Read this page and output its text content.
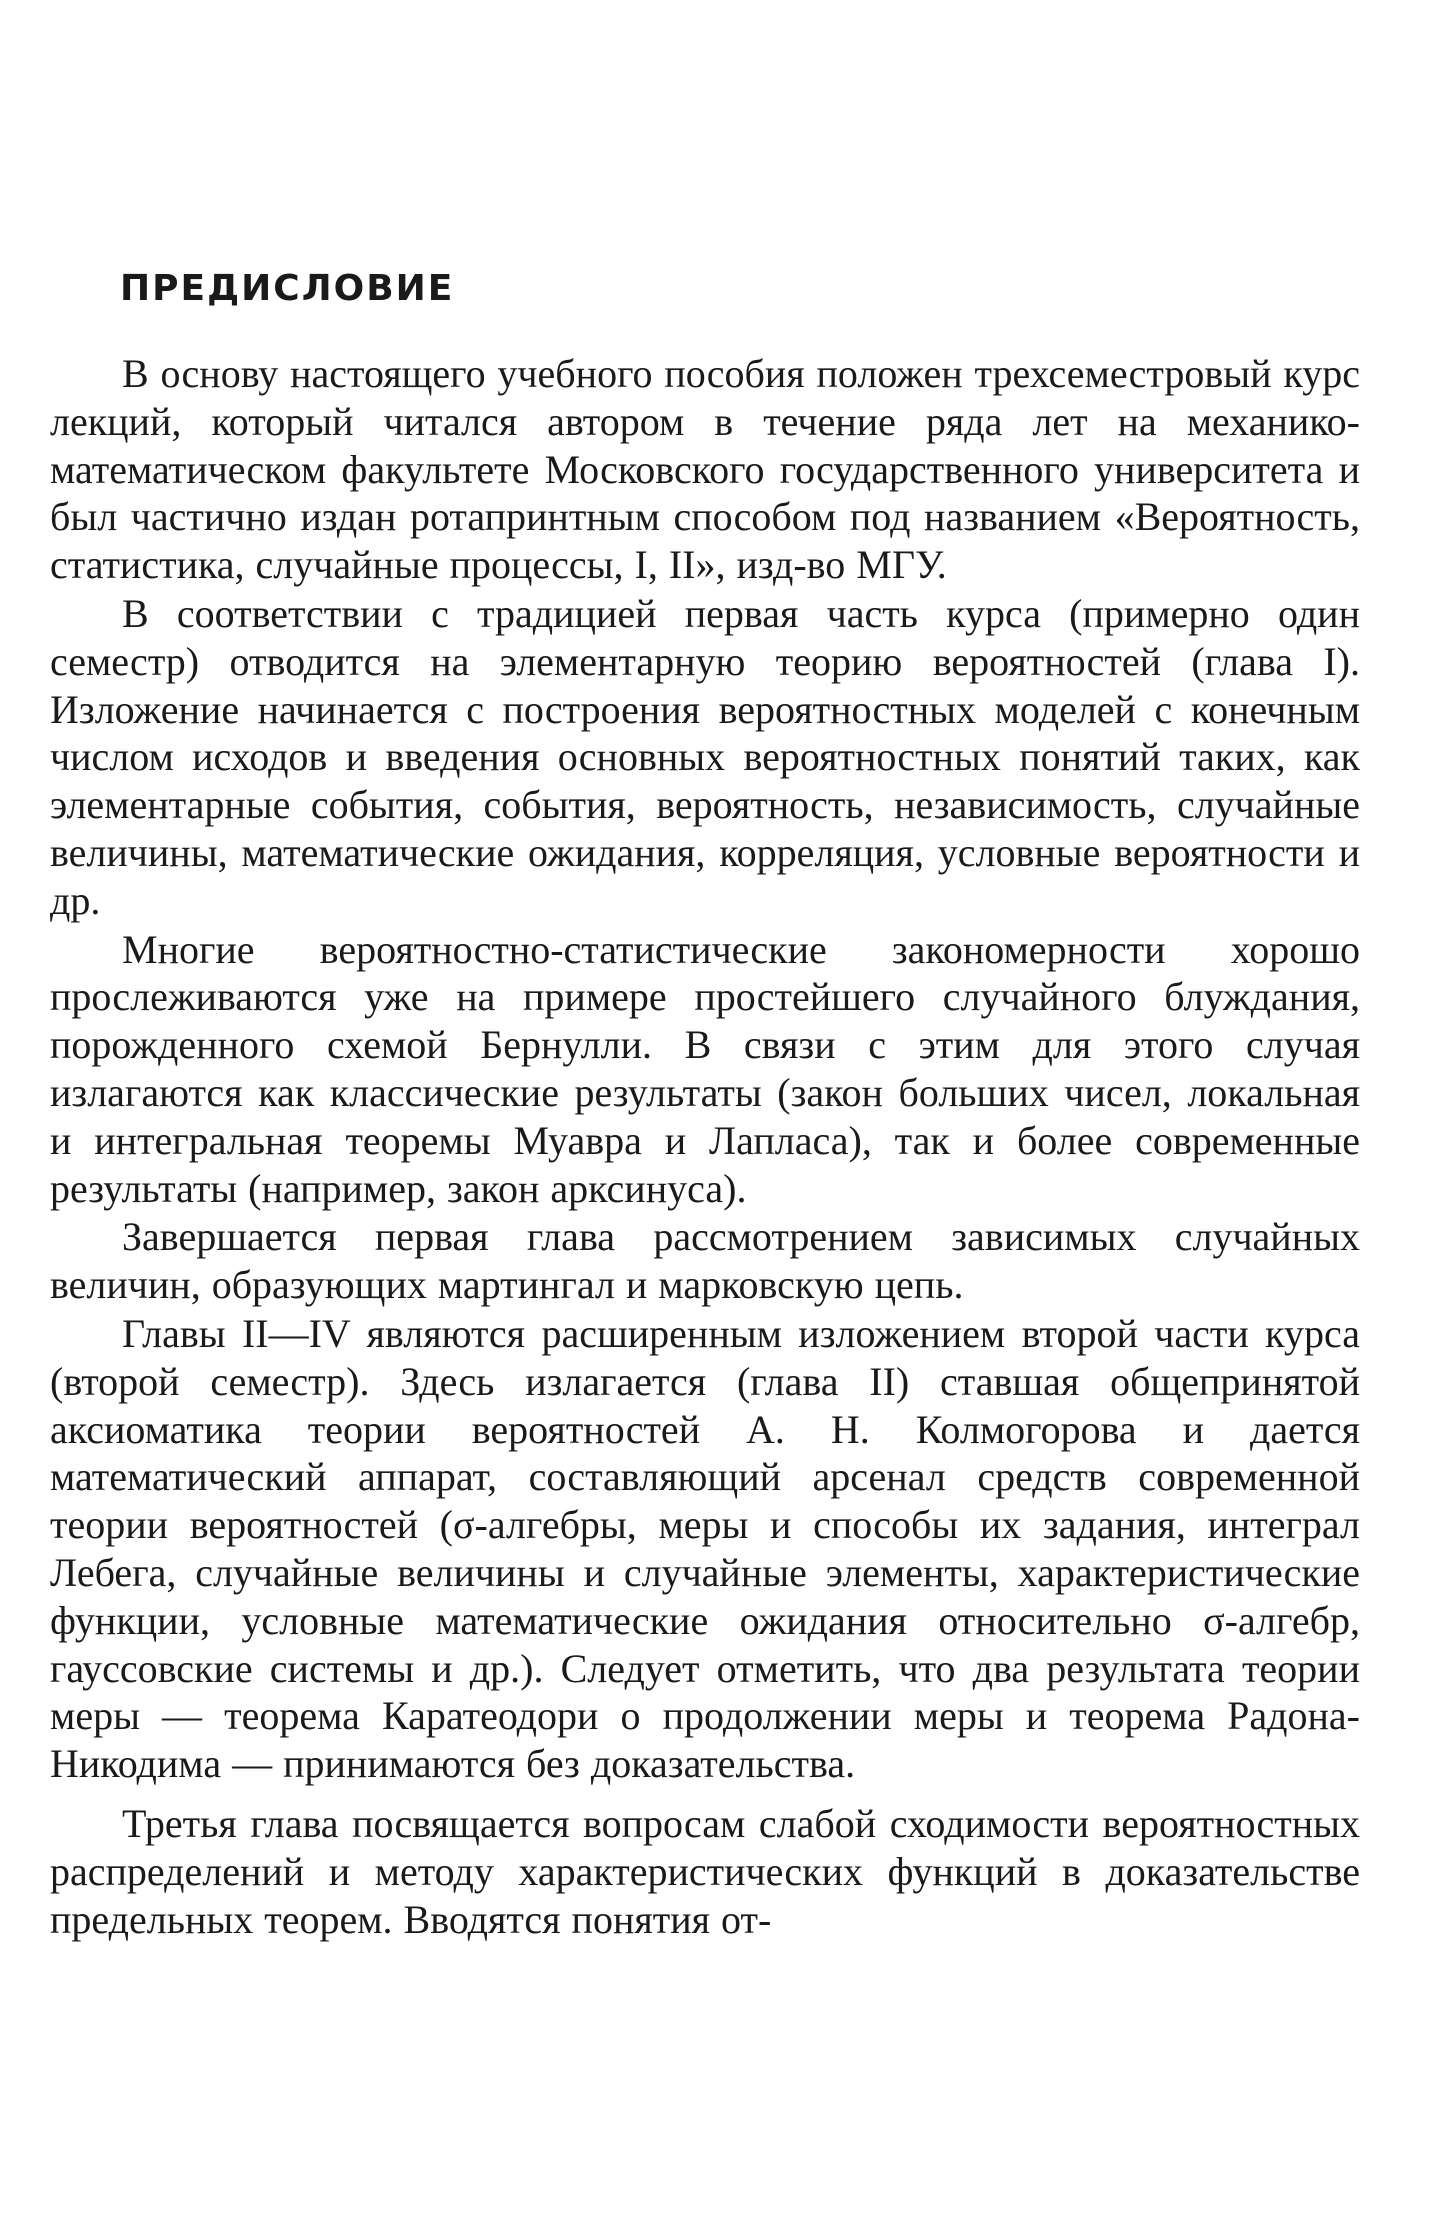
ПРЕДИСЛОВИЕ

В основу настоящего учебного пособия положен трехсеместровый курс лекций, который читался автором в течение ряда лет на механико-математическом факультете Московского государственного университета и был частично издан ротапринтным способом под названием «Вероятность, статистика, случайные процессы, I, II», изд-во МГУ.

В соответствии с традицией первая часть курса (примерно один семестр) отводится на элементарную теорию вероятностей (глава I). Изложение начинается с построения вероятностных моделей с конечным числом исходов и введения основных вероятностных понятий таких, как элементарные события, события, вероятность, независимость, случайные величины, математические ожидания, корреляция, условные вероятности и др.

Многие вероятностно-статистические закономерности хорошо прослеживаются уже на примере простейшего случайного блуждания, порожденного схемой Бернулли. В связи с этим для этого случая излагаются как классические результаты (закон больших чисел, локальная и интегральная теоремы Муавра и Лапласа), так и более современные результаты (например, закон арксинуса).

Завершается первая глава рассмотрением зависимых случайных величин, образующих мартингал и марковскую цепь.

Главы II—IV являются расширенным изложением второй части курса (второй семестр). Здесь излагается (глава II) ставшая общепринятой аксиоматика теории вероятностей А. Н. Колмогорова и дается математический аппарат, составляющий арсенал средств современной теории вероятностей (σ-алгебры, меры и способы их задания, интеграл Лебега, случайные величины и случайные элементы, характеристические функции, условные математические ожидания относительно σ-алгебр, гауссовские системы и др.). Следует отметить, что два результата теории меры — теорема Каратеодори о продолжении меры и теорема Радона-Никодима — принимаются без доказательства.

Третья глава посвящается вопросам слабой сходимости вероятностных распределений и методу характеристических функций в доказательстве предельных теорем. Вводятся понятия от-
